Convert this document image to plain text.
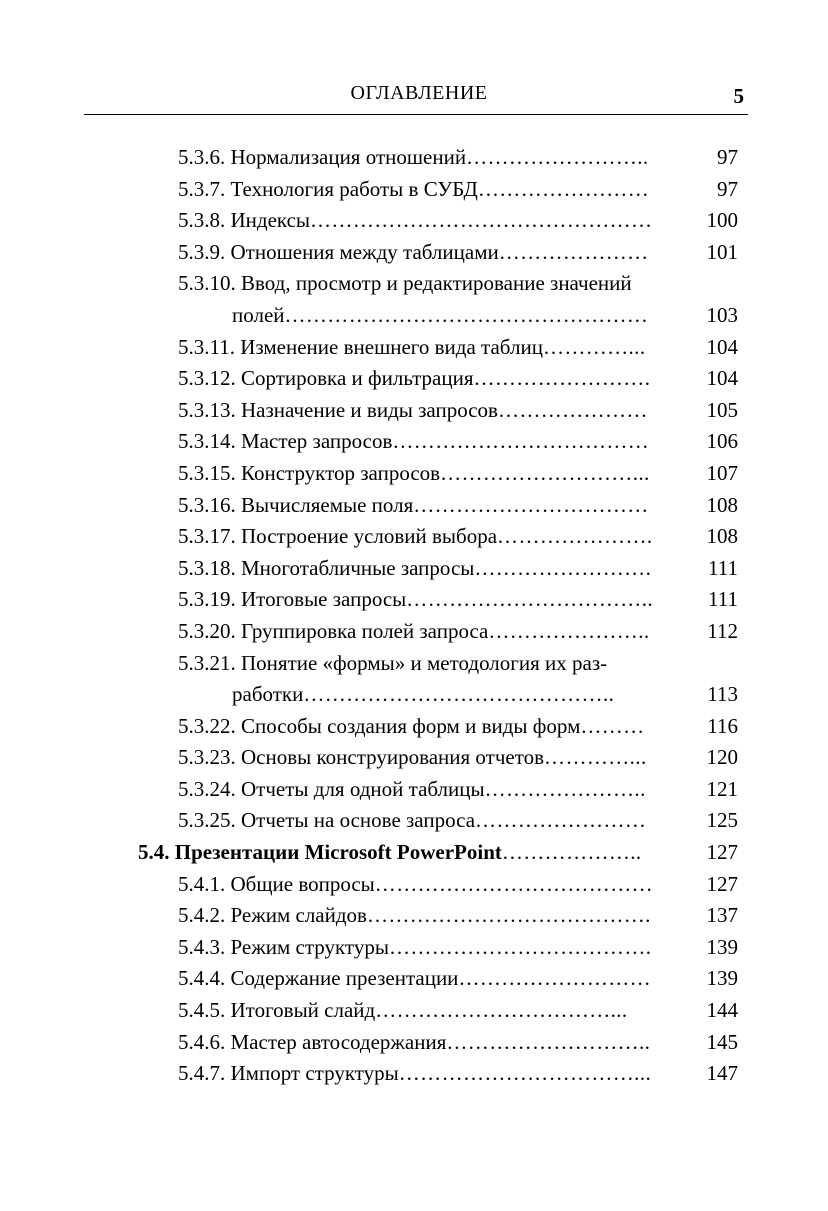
ОГЛАВЛЕНИЕ	5
5.3.6. Нормализация отношений……………………..	97
5.3.7. Технология работы в СУБД……………………	97
5.3.8. Индексы…………………………………………	100
5.3.9. Отношения между таблицами…………………	101
5.3.10. Ввод, просмотр и редактирование значений
полей……………………………………………	103
5.3.11. Изменение внешнего вида таблиц…………...	104
5.3.12. Сортировка и фильтрация…………………….	104
5.3.13. Назначение и виды запросов…………………	105
5.3.14. Мастер запросов………………………………	106
5.3.15. Конструктор запросов………………………...	107
5.3.16. Вычисляемые поля……………………………	108
5.3.17. Построение условий выбора………………….	108
5.3.18. Многотабличные запросы…………………….	111
5.3.19. Итоговые запросы……………………………..	111
5.3.20. Группировка полей запроса…………………..	112
5.3.21. Понятие «формы» и методология их раз-
работки……………………………………..	113
5.3.22. Способы создания форм и виды форм………	116
5.3.23. Основы конструирования отчетов…………...	120
5.3.24. Отчеты для одной таблицы…………………..	121
5.3.25. Отчеты на основе запроса……………………	125
5.4. Презентации Microsoft PowerPoint………………..	127
5.4.1. Общие вопросы…………………………………	127
5.4.2. Режим слайдов………………………………….	137
5.4.3. Режим структуры……………………………….	139
5.4.4. Содержание презентации………………………	139
5.4.5. Итоговый слайд……………………………...	144
5.4.6. Мастер автосодержания………………………..	145
5.4.7. Импорт структуры……………………………...	147
